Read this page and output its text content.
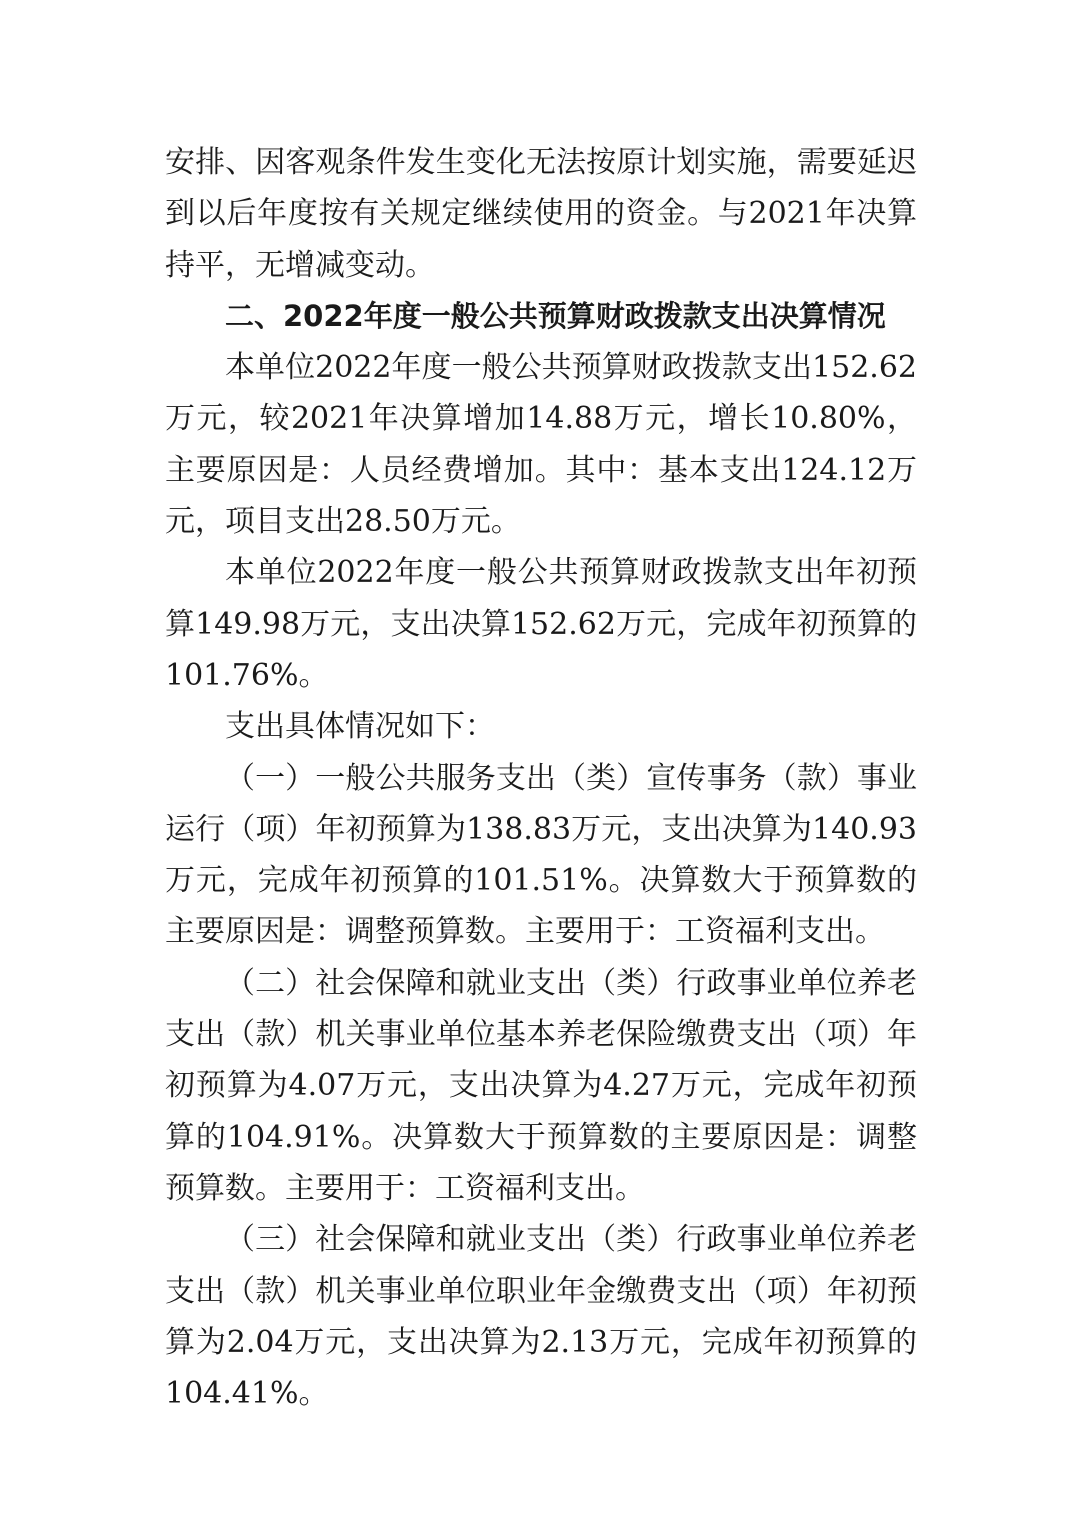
安排、因客观条件发生变化无法按原计划实施，需要延迟到以后年度按有关规定继续使用的资金。与2021年决算持平，无增减变动。

二、2022年度一般公共预算财政拨款支出决算情况

本单位2022年度一般公共预算财政拨款支出152.62万元，较2021年决算增加14.88万元，增长10.80%，主要原因是：人员经费增加。其中：基本支出124.12万元，项目支出28.50万元。

本单位2022年度一般公共预算财政拨款支出年初预算149.98万元，支出决算152.62万元，完成年初预算的101.76%。

支出具体情况如下：

（一）一般公共服务支出（类）宣传事务（款）事业运行（项）年初预算为138.83万元，支出决算为140.93万元，完成年初预算的101.51%。决算数大于预算数的主要原因是：调整预算数。主要用于：工资福利支出。

（二）社会保障和就业支出（类）行政事业单位养老支出（款）机关事业单位基本养老保险缴费支出（项）年初预算为4.07万元，支出决算为4.27万元，完成年初预算的104.91%。决算数大于预算数的主要原因是：调整预算数。主要用于：工资福利支出。

（三）社会保障和就业支出（类）行政事业单位养老支出（款）机关事业单位职业年金缴费支出（项）年初预算为2.04万元，支出决算为2.13万元，完成年初预算的104.41%。
